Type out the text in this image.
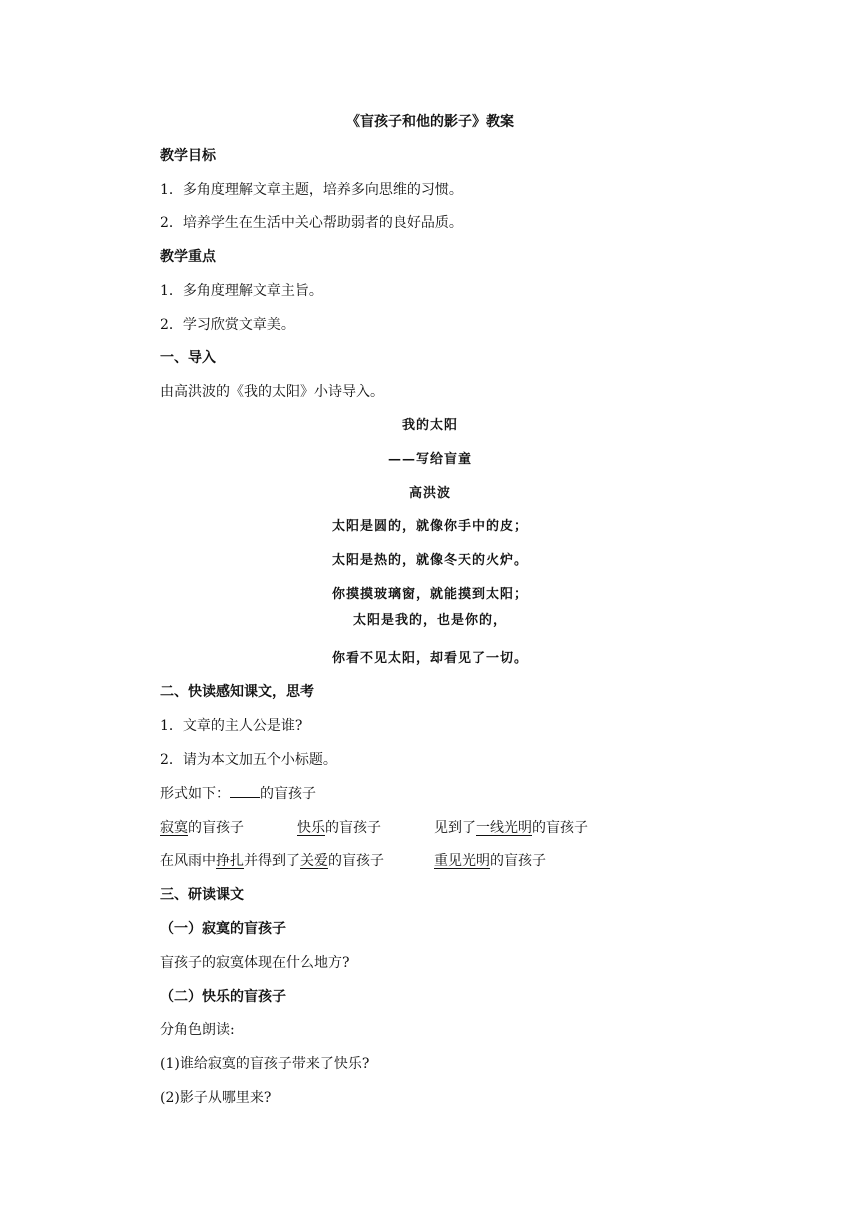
《盲孩子和他的影子》教案
教学目标
1．多角度理解文章主题，培养多向思维的习惯。
2．培养学生在生活中关心帮助弱者的良好品质。
教学重点
1．多角度理解文章主旨。
2．学习欣赏文章美。
一、导入
由高洪波的《我的太阳》小诗导入。
我的太阳
——写给盲童
高洪波
太阳是圆的，就像你手中的皮；
太阳是热的，就像冬天的火炉。
你摸摸玻璃窗，就能摸到太阳；
太阳是我的，也是你的，
你看不见太阳，却看见了一切。
二、快读感知课文，思考
1．文章的主人公是谁?
2．请为本文加五个小标题。
形式如下： 的盲孩子
寂寞的盲孩子	快乐的盲孩子	见到了一线光明的盲孩子
在风雨中挣扎并得到了关爱的盲孩子	重见光明的盲孩子
三、研读课文
（一）寂寞的盲孩子
盲孩子的寂寞体现在什么地方?
（二）快乐的盲孩子
分角色朗读:
(1)谁给寂寞的盲孩子带来了快乐?
(2)影子从哪里来?
